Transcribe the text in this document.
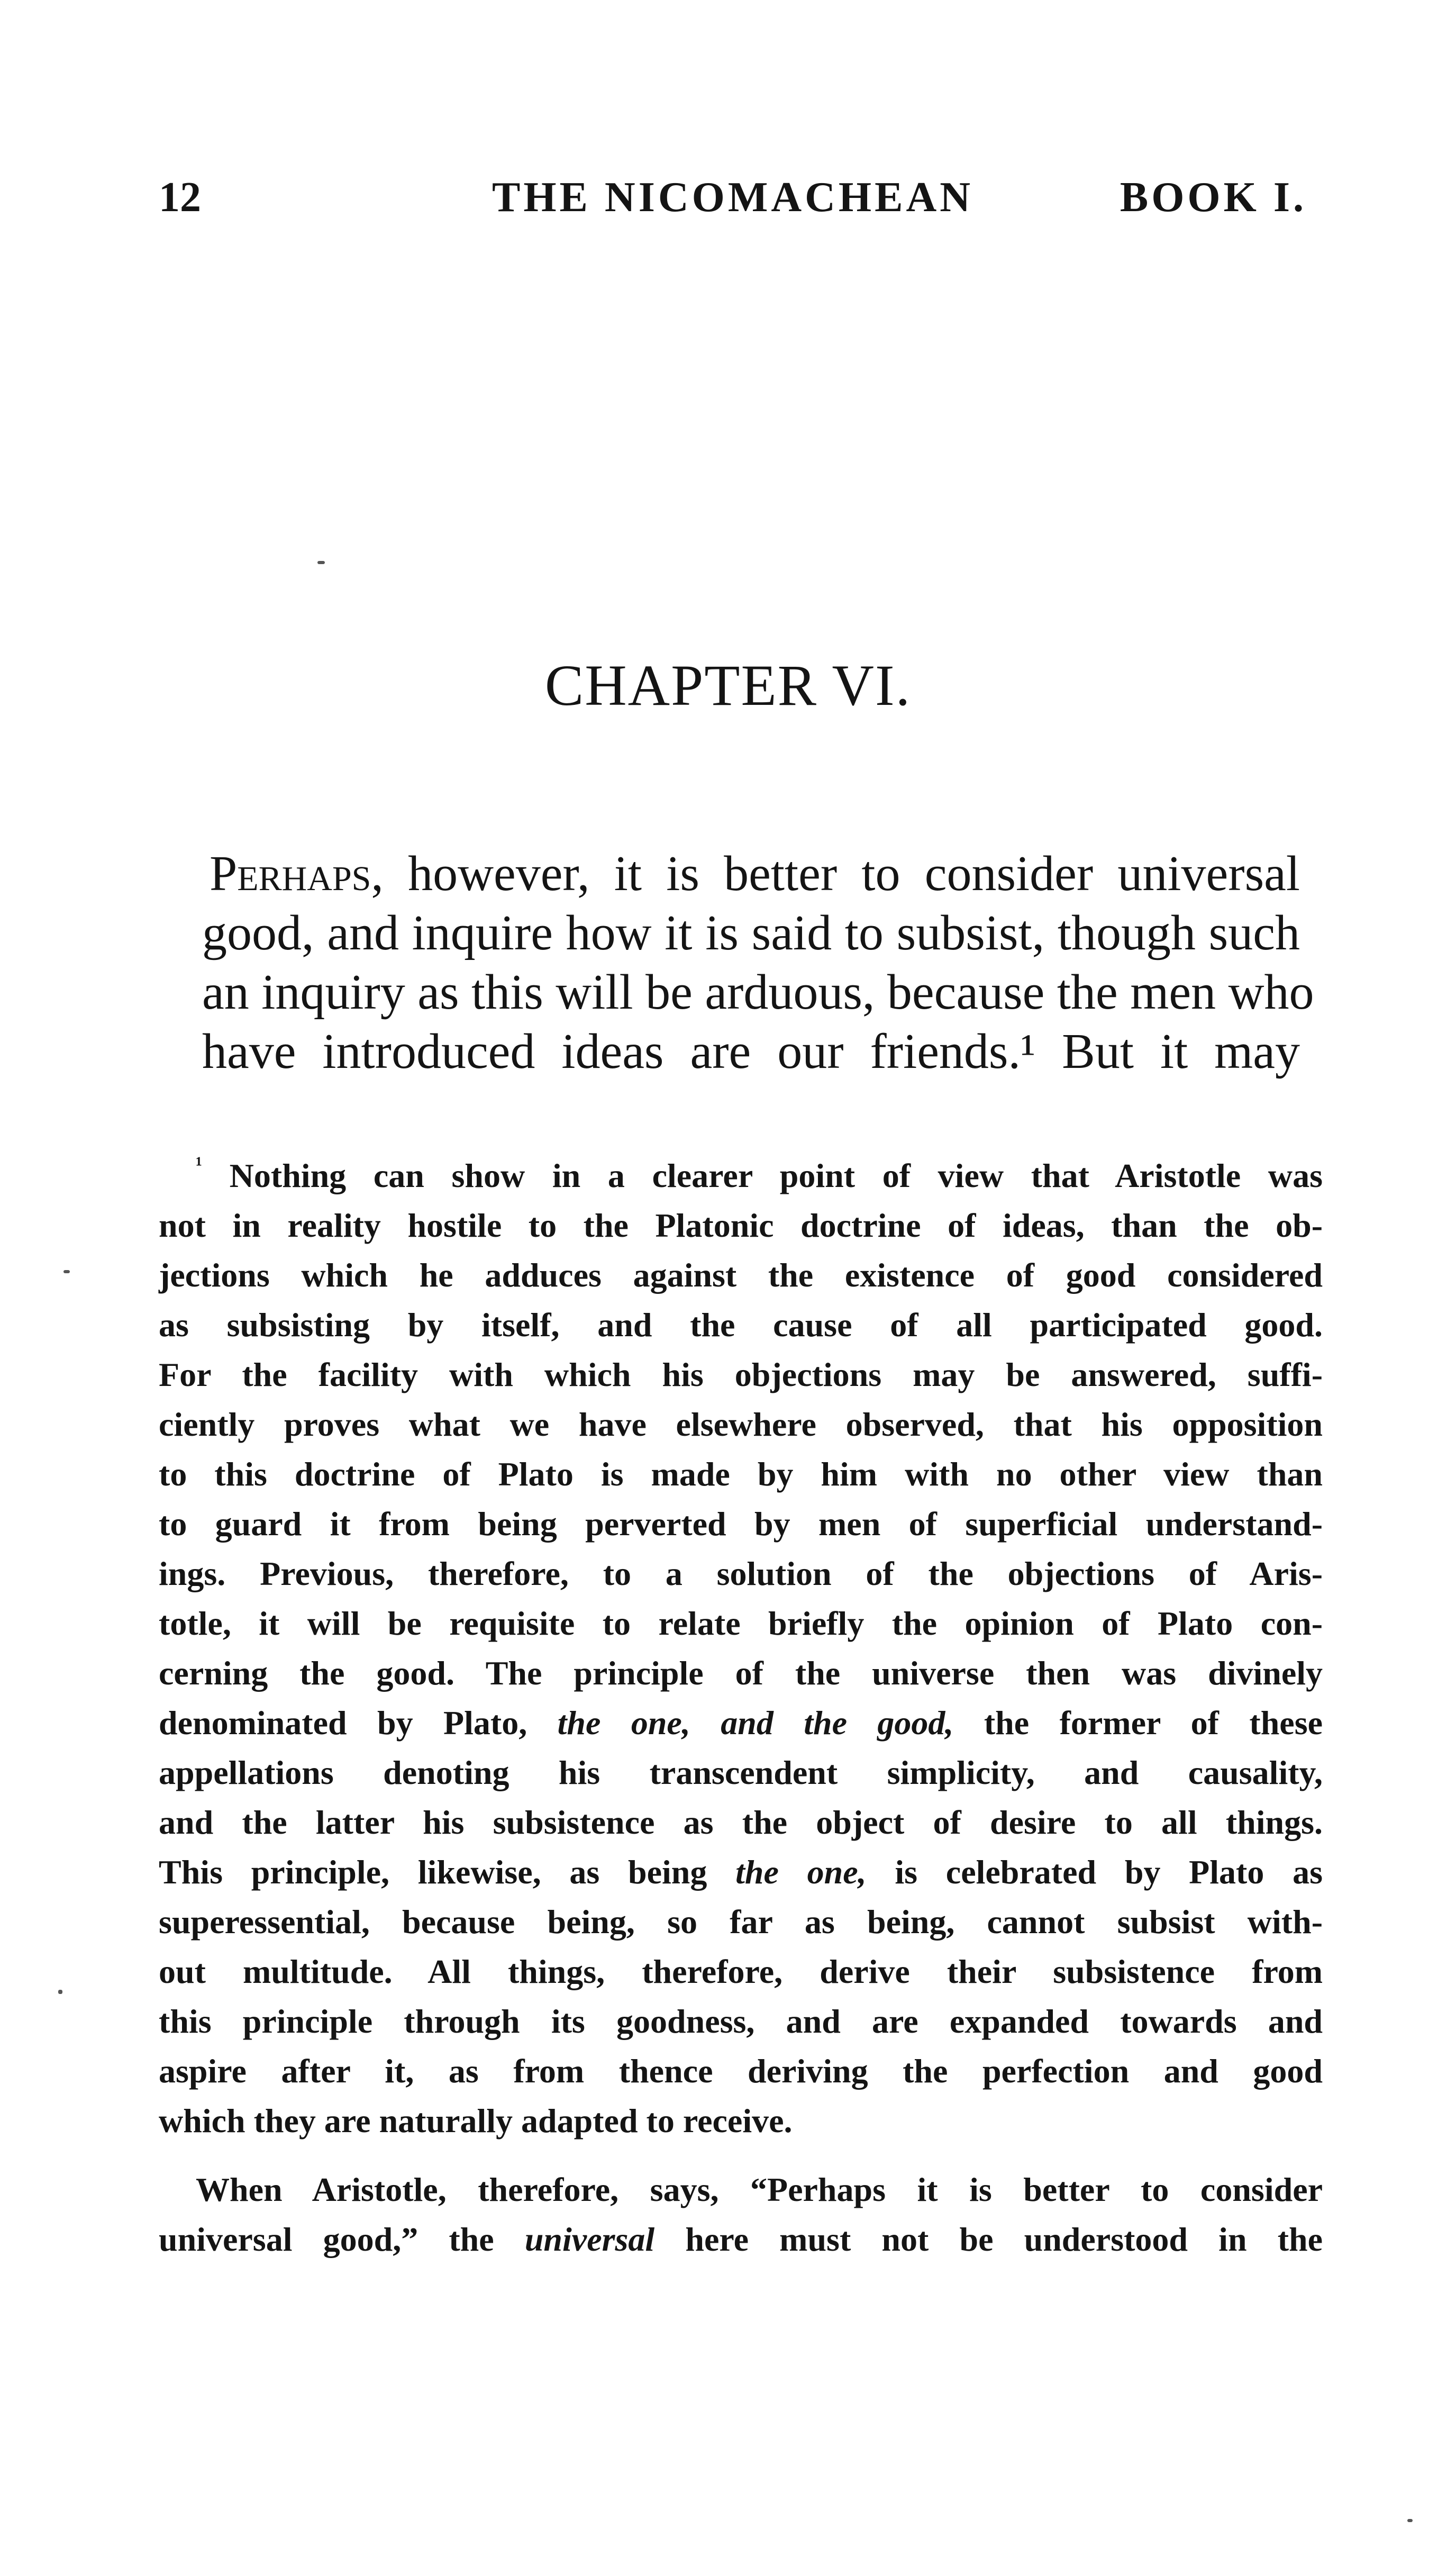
12	THE NICOMACHEAN	BOOK I.
CHAPTER VI.
Perhaps, however, it is better to consider universal
good, and inquire how it is said to subsist, though such
an inquiry as this will be arduous, because the men who
have introduced ideas are our friends.¹ But it may
$^{^1}$ Nothing can show in a clearer point of view that Aristotle was
not in reality hostile to the Platonic doctrine of ideas, than the ob-
jections which he adduces against the existence of good considered
as subsisting by itself, and the cause of all participated good.
For the facility with which his objections may be answered, suffi-
ciently proves what we have elsewhere observed, that his opposition
to this doctrine of Plato is made by him with no other view than
to guard it from being perverted by men of superficial understand-
ings. Previous, therefore, to a solution of the objections of Aris-
totle, it will be requisite to relate briefly the opinion of Plato con-
cerning the good. The principle of the universe then was divinely
denominated by Plato, the one, and the good, the former of these
appellations denoting his transcendent simplicity, and causality,
and the latter his subsistence as the object of desire to all things.
This principle, likewise, as being the one, is celebrated by Plato as
superessential, because being, so far as being, cannot subsist with-
out multitude. All things, therefore, derive their subsistence from
this principle through its goodness, and are expanded towards and
aspire after it, as from thence deriving the perfection and good
which they are naturally adapted to receive.
When Aristotle, therefore, says, “Perhaps it is better to consider
universal good,” the universal here must not be understood in the
